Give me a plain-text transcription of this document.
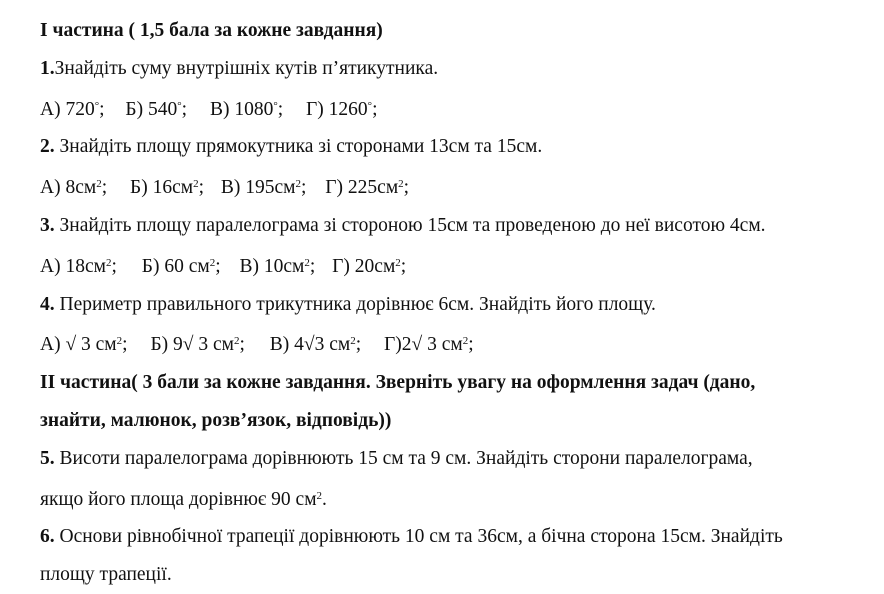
I частина ( 1,5 бала за кожне завдання)
1.Знайдіть суму внутрішніх кутів п’ятикутника.
А) 720°; Б) 540°; В) 1080°; Г) 1260°;
2. Знайдіть площу прямокутника зі сторонами 13см та 15см.
А) $8см^2$; Б) $16см^2$; В) $195см^2$; Г) $225см^2$;
3. Знайдіть площу паралелограма зі стороною 15см та проведеною до неї висотою 4см.
А) $18см^2$; Б) 60 $см^2$; В) $10см^2$; Г) $20см^2$;
4. Периметр правильного трикутника дорівнює 6см. Знайдіть його площу.
А) √ 3 $см^2$; Б) 9√ 3 $см^2$; В) 4√3 $см^2$; Г)2√ 3 $см^2$;
II частина( 3 бали за кожне завдання. Зверніть увагу на оформлення задач (дано,
знайти, малюнок, розв’язок, відповідь))
5. Висоти паралелограма дорівнюють 15 см та 9 см. Знайдіть сторони паралелограма,
якщо його площа дорівнює 90 $см^2$.
6. Основи рівнобічної трапеції дорівнюють 10 см та 36см, а бічна сторона 15см. Знайдіть
площу трапеції.
